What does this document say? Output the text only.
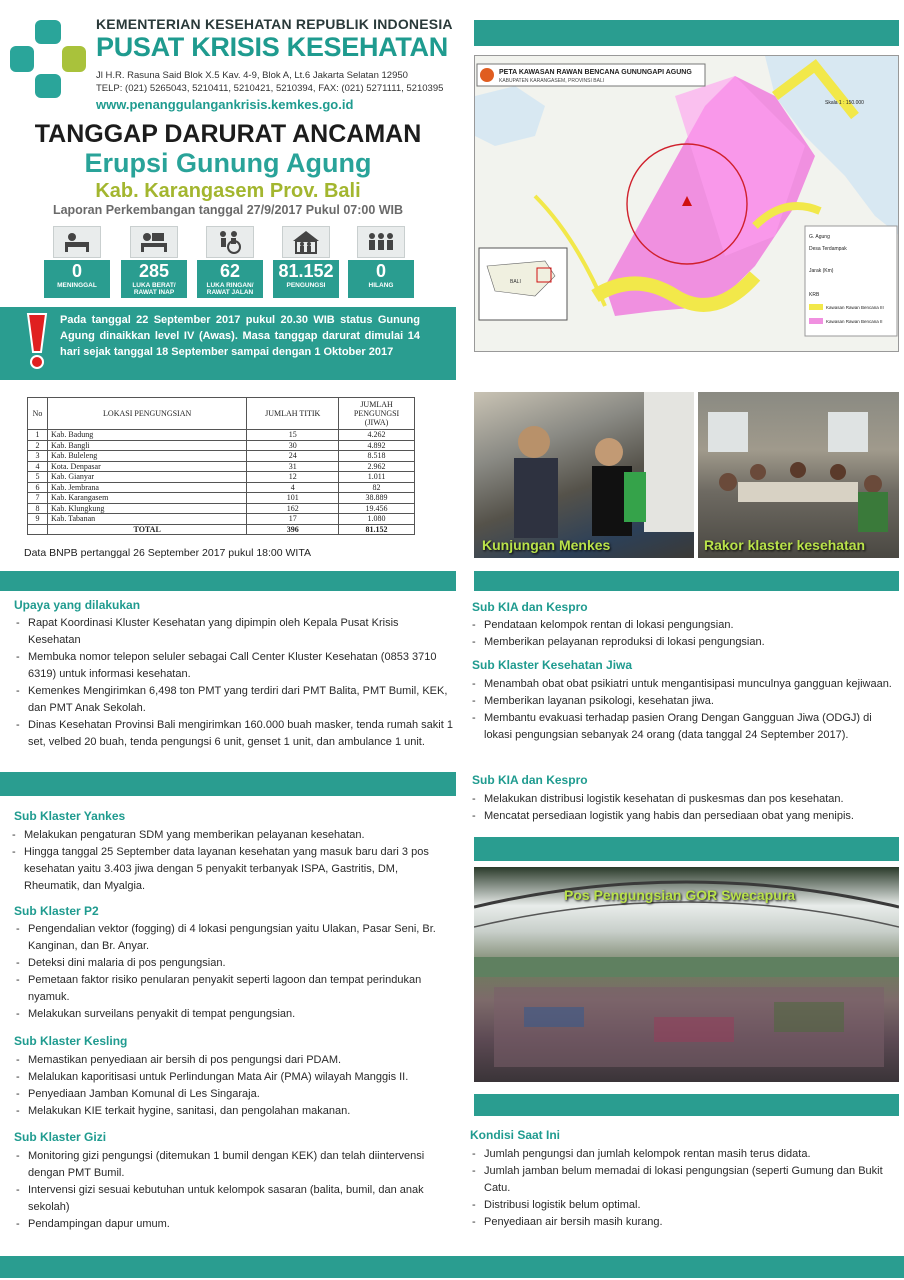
KEMENTERIAN KESEHATAN REPUBLIK INDONESIA
PUSAT KRISIS KESEHATAN
Jl H.R. Rasuna Said Blok X.5 Kav. 4-9, Blok A, Lt.6 Jakarta Selatan 12950
TELP: (021) 5265043, 5210411, 5210421, 5210394, FAX: (021) 5271111, 5210395
www.penanggulangankrisis.kemkes.go.id
TANGGAP DARURAT ANCAMAN
Erupsi Gunung Agung
Kab. Karangasem Prov. Bali
Laporan Perkembangan tanggal 27/9/2017 Pukul 07:00 WIB
0
MENINGGAL
285
LUKA BERAT/ RAWAT INAP
62
LUKA RINGAN/ RAWAT JALAN
81.152
PENGUNGSI
0
HILANG
Pada tanggal 22 September 2017 pukul 20.30 WIB status Gunung Agung dinaikkan level IV (Awas). Masa tanggap darurat dimulai 14 hari sejak tanggal 18 September sampai dengan 1 Oktober 2017
No	LOKASI PENGUNGSIAN	JUMLAH TITIK	JUMLAH PENGUNGSI (JIWA)
1	Kab. Badung	15	4.262
2	Kab. Bangli	30	4.892
3	Kab. Buleleng	24	8.518
4	Kota. Denpasar	31	2.962
5	Kab. Gianyar	12	1.011
6	Kab. Jembrana	4	82
7	Kab. Karangasem	101	38.889
8	Kab. Klungkung	162	19.456
9	Kab. Tabanan	17	1.080
	TOTAL	396	81.152
Data BNPB pertanggal 26 September 2017 pukul 18:00 WITA
PETA KAWASAN RAWAN BENCANA GUNUNGAPI AGUNG
KABUPATEN KARANGASEM, PROVINSI BALI
BALI
G. Agung
Desa Terdampak
Jarak (Km)
KRB
Kawasan Rawan Bencana III
Kawasan Rawan Bencana II
Skala 1 : 150.000
Kunjungan Menkes	Rakor klaster kesehatan
Upaya yang dilakukan
- Rapat Koordinasi Kluster Kesehatan yang dipimpin oleh Kepala Pusat Krisis Kesehatan
- Membuka nomor telepon seluler sebagai Call Center Kluster Kesehatan (0853 3710 6319) untuk informasi kesehatan.
- Kemenkes Mengirimkan 6,498 ton PMT yang terdiri dari PMT Balita, PMT Bumil, KEK, dan PMT Anak Sekolah.
- Dinas Kesehatan Provinsi Bali mengirimkan 160.000 buah masker, tenda rumah sakit 1 set, velbed 20 buah, tenda pengungsi 6 unit, genset 1 unit, dan ambulance 1 unit.
Sub Klaster Yankes
- Melakukan pengaturan SDM yang memberikan pelayanan kesehatan.
- Hingga tanggal 25 September data layanan kesehatan yang masuk baru dari 3 pos kesehatan yaitu 3.403 jiwa dengan 5 penyakit terbanyak ISPA, Gastritis, DM, Rheumatik, dan Myalgia.
Sub Klaster P2
- Pengendalian vektor (fogging) di 4 lokasi pengungsian yaitu Ulakan, Pasar Seni, Br. Kanginan, dan Br. Anyar.
- Deteksi dini malaria di pos pengungsian.
- Pemetaan faktor risiko penularan penyakit seperti lagoon dan tempat perindukan nyamuk.
- Melakukan surveilans penyakit di tempat pengungsian.
Sub Klaster Kesling
- Memastikan penyediaan air bersih di pos pengungsi dari PDAM.
- Melalukan kaporitisasi untuk Perlindungan Mata Air (PMA) wilayah Manggis II.
- Penyediaan Jamban Komunal di Les Singaraja.
- Melakukan KIE terkait hygine, sanitasi, dan pengolahan makanan.
Sub Klaster Gizi
- Monitoring gizi pengungsi (ditemukan 1 bumil dengan KEK) dan telah diintervensi dengan PMT Bumil.
- Intervensi gizi sesuai kebutuhan untuk kelompok sasaran (balita, bumil, dan anak sekolah)
- Pendampingan dapur umum.
Sub KIA dan Kespro
- Pendataan kelompok rentan di lokasi pengungsian.
- Memberikan pelayanan reproduksi di lokasi pengungsian.
Sub Klaster Kesehatan Jiwa
- Menambah obat obat psikiatri untuk mengantisipasi munculnya gangguan kejiwaan.
- Memberikan layanan psikologi, kesehatan jiwa.
- Membantu evakuasi terhadap pasien Orang Dengan Gangguan Jiwa (ODGJ) di lokasi pengungsian sebanyak 24 orang (data tanggal 24 September 2017).
Sub KIA dan Kespro
- Melakukan distribusi logistik kesehatan di puskesmas dan pos kesehatan.
- Mencatat persediaan logistik yang habis dan persediaan obat yang menipis.
Pos Pengungsian GOR Swecapura
Kondisi Saat Ini
- Jumlah pengungsi dan jumlah kelompok rentan masih terus didata.
- Jumlah jamban belum memadai di lokasi pengungsian (seperti Gumung dan Bukit Catu.
- Distribusi logistik belum optimal.
- Penyediaan air bersih masih kurang.
